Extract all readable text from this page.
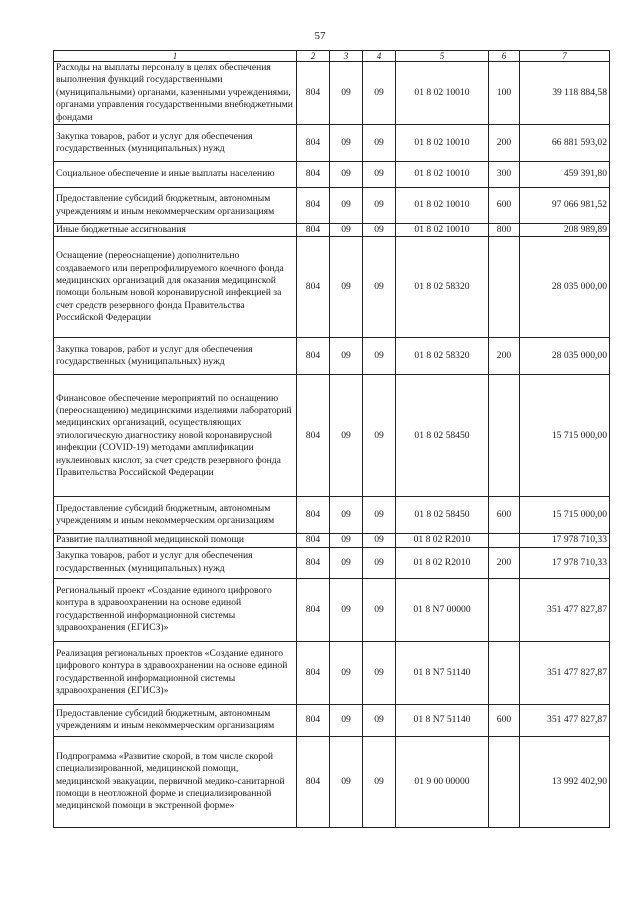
57
1	2	3	4	5	6	7
Расходы на выплаты персоналу в целях обеспечения выполнения функций государственными (муниципальными) органами, казенными учреждениями, органами управления государственными внебюджетными фондами	804	09	09	01 8 02 10010	100	39 118 884,58
Закупка товаров, работ и услуг для обеспечения государственных (муниципальных) нужд	804	09	09	01 8 02 10010	200	66 881 593,02
Социальное обеспечение и иные выплаты населению	804	09	09	01 8 02 10010	300	459 391,80
Предоставление субсидий бюджетным, автономным учреждениям и иным некоммерческим организациям	804	09	09	01 8 02 10010	600	97 066 981,52
Иные бюджетные ассигнования	804	09	09	01 8 02 10010	800	208 989,89
Оснащение (переоснащение) дополнительно создаваемого или перепрофилируемого коечного фонда медицинских организаций для оказания медицинской помощи больным новой коронавирусной инфекцией за счет средств резервного фонда Правительства Российской Федерации	804	09	09	01 8 02 58320		28 035 000,00
Закупка товаров, работ и услуг для обеспечения государственных (муниципальных) нужд	804	09	09	01 8 02 58320	200	28 035 000,00
Финансовое обеспечение мероприятий по оснащению (переоснащению) медицинскими изделиями лабораторий медицинских организаций, осуществляющих этиологическую диагностику новой коронавирусной инфекции (COVID-19) методами амплификации нуклеиновых кислот, за счет средств резервного фонда Правительства Российской Федерации	804	09	09	01 8 02 58450		15 715 000,00
Предоставление субсидий бюджетным, автономным учреждениям и иным некоммерческим организациям	804	09	09	01 8 02 58450	600	15 715 000,00
Развитие паллиативной медицинской помощи	804	09	09	01 8 02 R2010		17 978 710,33
Закупка товаров, работ и услуг для обеспечения государственных (муниципальных) нужд	804	09	09	01 8 02 R2010	200	17 978 710,33
Региональный проект «Создание единого цифрового контура в здравоохранении на основе единой государственной информационной системы здравоохранения (ЕГИСЗ)»	804	09	09	01 8 N7 00000		351 477 827,87
Реализация региональных проектов «Создание единого цифрового контура в здравоохранении на основе единой государственной информационной системы здравоохранения (ЕГИСЗ)»	804	09	09	01 8 N7 51140		351 477 827,87
Предоставление субсидий бюджетным, автономным учреждениям и иным некоммерческим организациям	804	09	09	01 8 N7 51140	600	351 477 827,87
Подпрограмма «Развитие скорой, в том числе скорой специализированной, медицинской помощи, медицинской эвакуации, первичной медико-санитарной помощи в неотложной форме и специализированной медицинской помощи в экстренной форме»	804	09	09	01 9 00 00000		13 992 402,90
